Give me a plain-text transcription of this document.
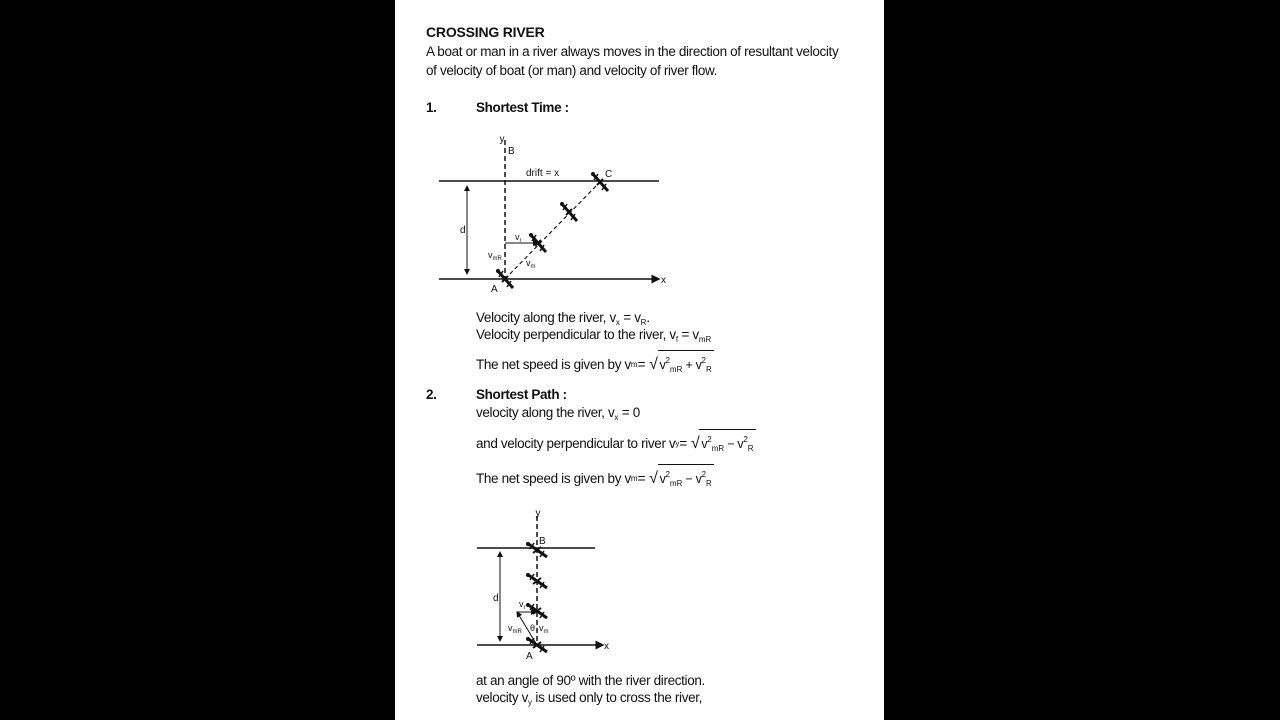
CROSSING RIVER
A boat or man in a river always moves in the direction of resultant velocity
of velocity of boat (or man) and velocity of river flow.
1.	Shortest Time :
y
B
drift = x	C
d
$v_r$
$v_{mR}$	$v_m$
A
x
Velocity along the river, $v_x = v_R$.
Velocity perpendicular to the river, $v_f = v_{mR}$
The net speed is given by v m = √ $v^2_{mR} + v^2_R$
2.	Shortest Path :
velocity along the river, $v_x = 0$
and velocity perpendicular to river v y = √ $v^2_{mR} - v^2_R$
The net speed is given by v m = √ $v^2_{mR} - v^2_R$
y
B
d $v_r$
$v_{mR}$ θ $v_m$
A
x
at an angle of 90º with the river direction.
velocity $v_y$ is used only to cross the river,
